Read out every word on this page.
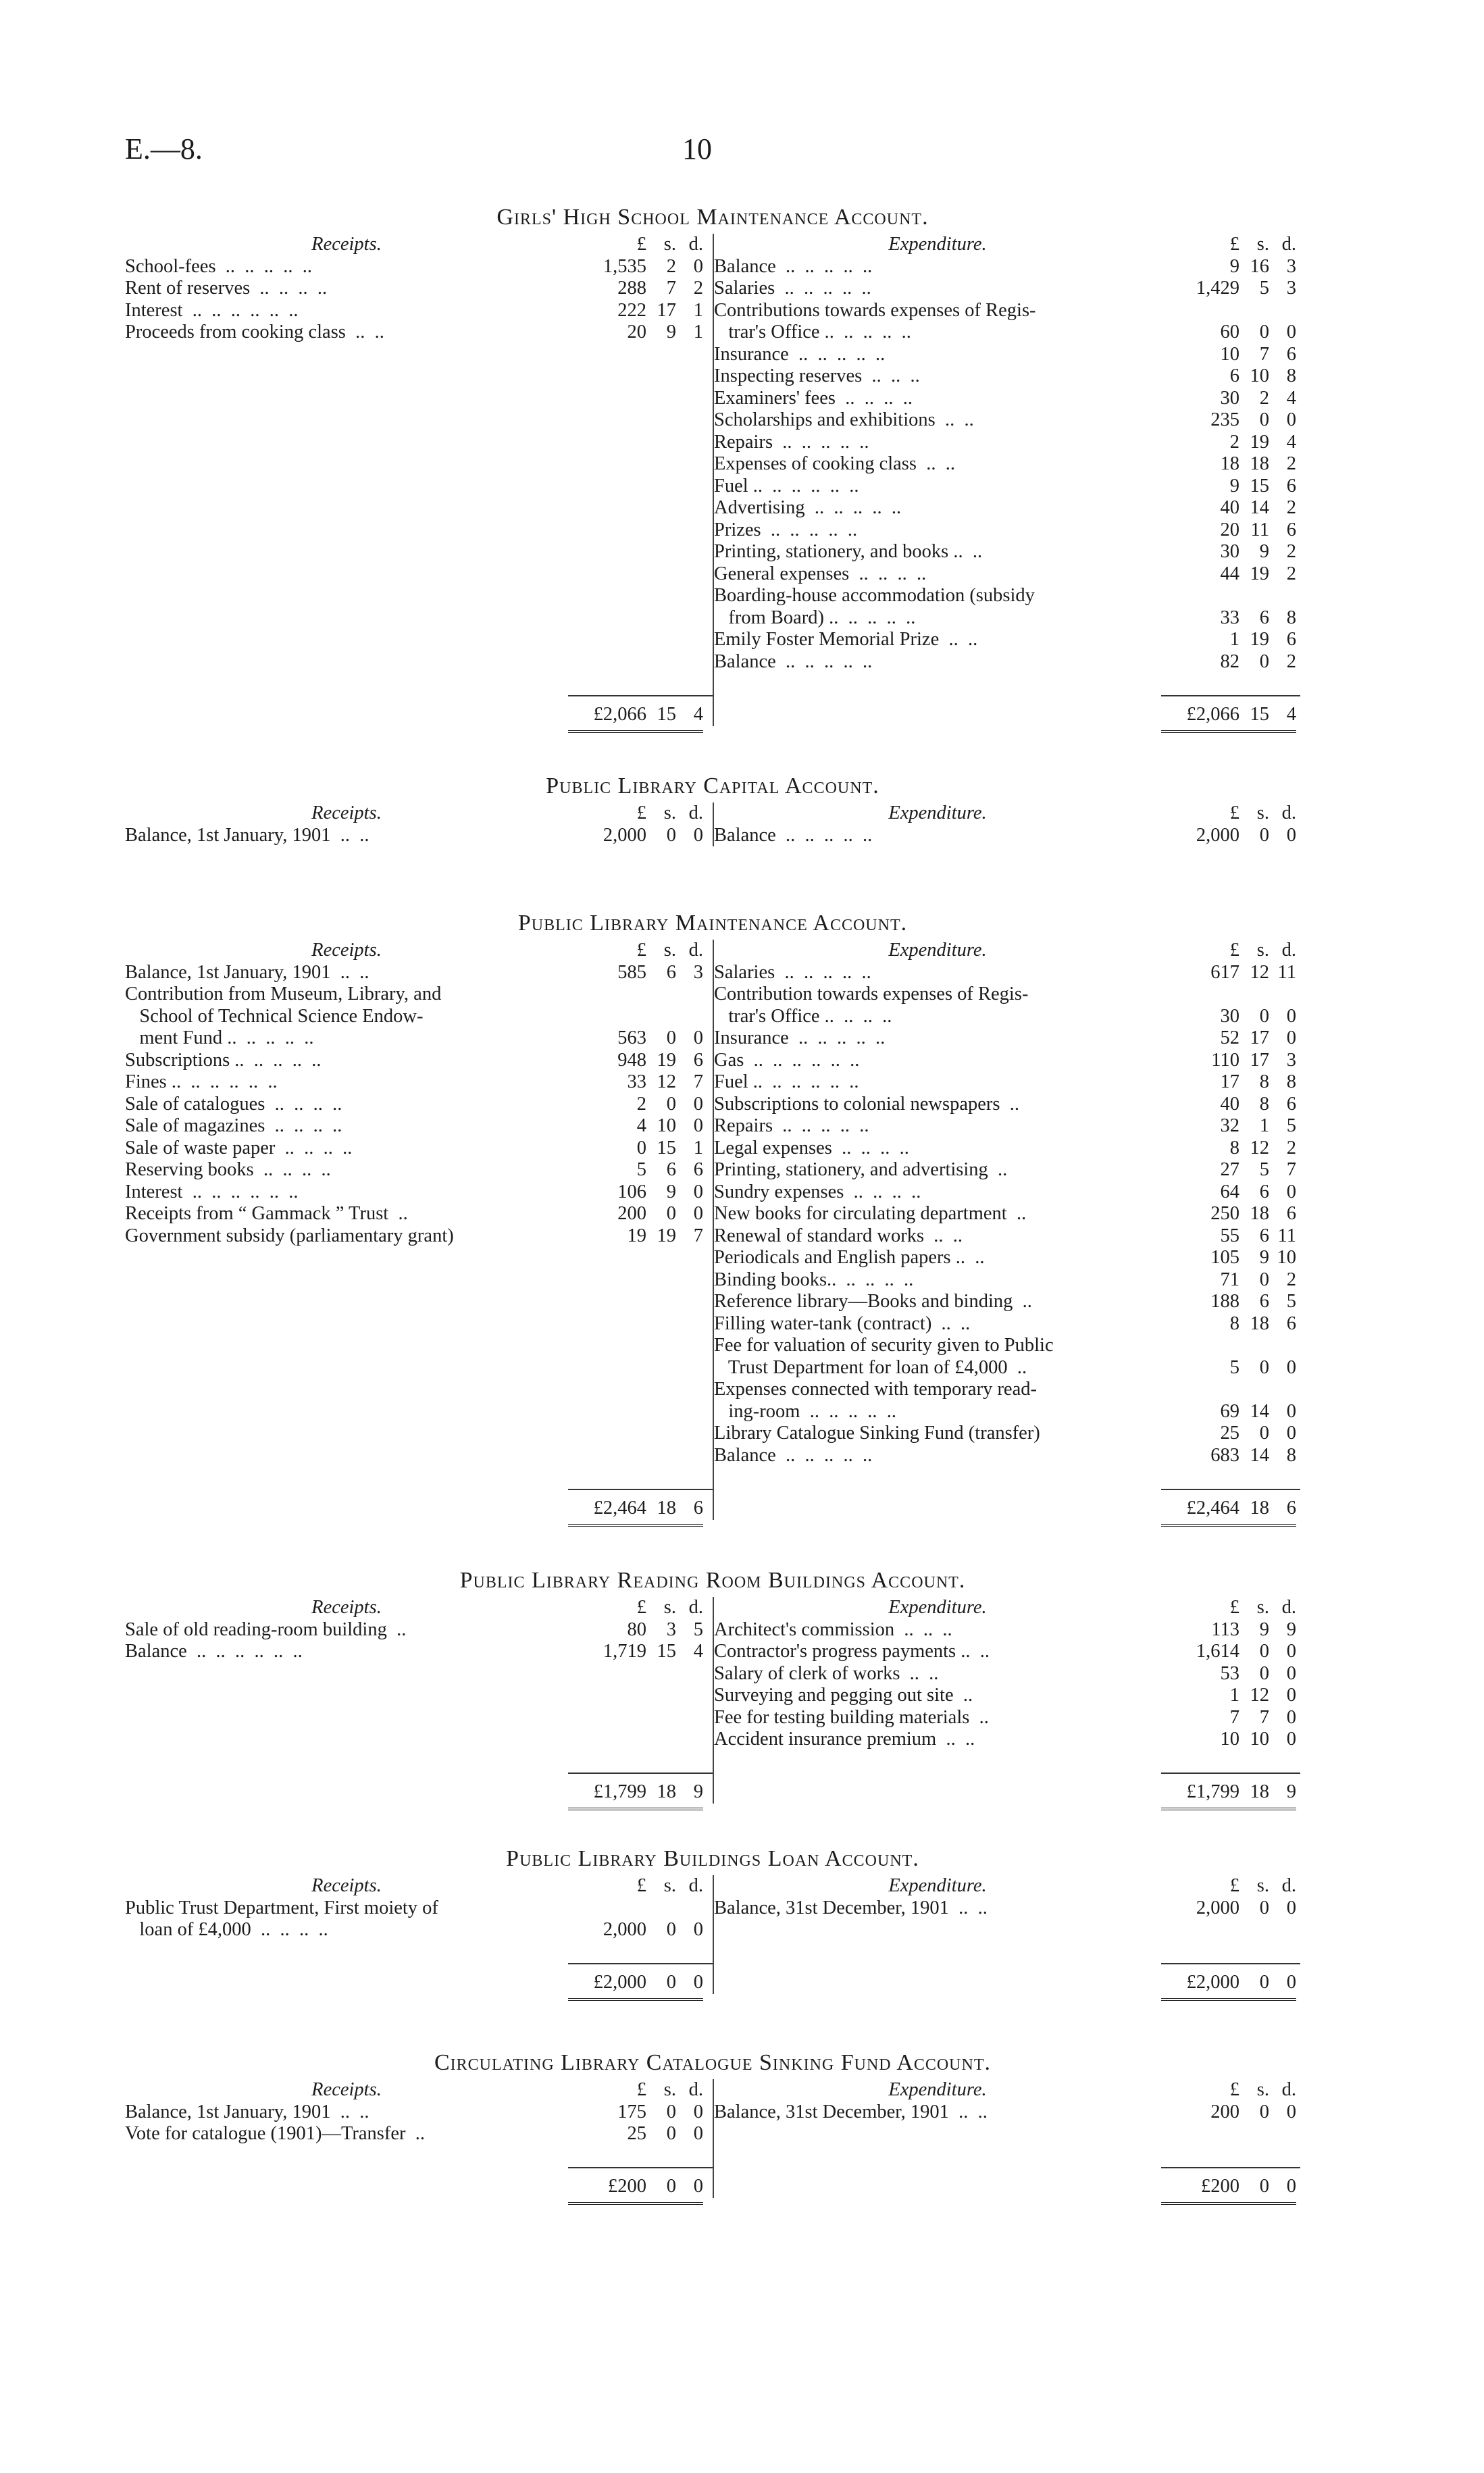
E.—8.	10
Girls' High School Maintenance Account.
Receipts.	£ s. d.
School-fees  ..  ..  ..  ..  ..	1,535	2 0
Rent of reserves  ..  ..  ..  ..	288	7 2
Interest  ..  ..  ..  ..  ..  ..	222 17 1
Proceeds from cooking class  ..  ..	20	9 1
£2,066 15 4
Expenditure.	£ s. d.
Balance  ..  ..  ..  ..  ..	9 16 3
Salaries  ..  ..  ..  ..  ..	1,429	5 3
Contributions towards expenses of Regis-
trar's Office ..  ..  ..  ..  ..	60	0 0
Insurance  ..  ..  ..  ..  ..	10	7 6
Inspecting reserves  ..  ..  ..	6 10 8
Examiners' fees  ..  ..  ..  ..	30	2 4
Scholarships and exhibitions  ..  ..	235	0 0
Repairs  ..  ..  ..  ..  ..	2 19 4
Expenses of cooking class  ..  ..	18 18 2
Fuel ..  ..  ..  ..  ..  ..	9 15 6
Advertising  ..  ..  ..  ..  ..	40 14 2
Prizes  ..  ..  ..  ..  ..	20 11 6
Printing, stationery, and books ..  ..	30	9 2
General expenses  ..  ..  ..  ..	44 19 2
Boarding-house accommodation (subsidy
from Board) ..  ..  ..  ..  ..	33	6 8
Emily Foster Memorial Prize  ..  ..	1 19 6
Balance  ..  ..  ..  ..  ..	82	0 2
£2,066 15 4
Public Library Capital Account.
Receipts.	£ s. d.
Balance, 1st January, 1901  ..  ..	2,000	0 0
Expenditure.	£ s. d.
Balance  ..  ..  ..  ..  ..	2,000	0 0
Public Library Maintenance Account.
Receipts.	£ s. d.
Balance, 1st January, 1901  ..  ..	585	6 3
Contribution from Museum, Library, and
School of Technical Science Endow-
ment Fund ..  ..  ..  ..  ..	563	0 0
Subscriptions ..  ..  ..  ..  ..	948 19 6
Fines ..  ..  ..  ..  ..  ..	33 12 7
Sale of catalogues  ..  ..  ..  ..	2	0 0
Sale of magazines  ..  ..  ..  ..	4 10 0
Sale of waste paper  ..  ..  ..  ..	0 15 1
Reserving books  ..  ..  ..  ..	5	6 6
Interest  ..  ..  ..  ..  ..  ..	106	9 0
Receipts from “ Gammack ” Trust  ..	200	0 0
Government subsidy (parliamentary grant)	19 19 7
£2,464 18 6
Expenditure.	£ s. d.
Salaries  ..  ..  ..  ..  ..	617 12 11
Contribution towards expenses of Regis-
trar's Office ..  ..  ..  ..	30	0 0
Insurance  ..  ..  ..  ..  ..	52 17 0
Gas  ..  ..  ..  ..  ..  ..	110 17 3
Fuel ..  ..  ..  ..  ..  ..	17	8 8
Subscriptions to colonial newspapers  ..	40	8 6
Repairs  ..  ..  ..  ..  ..	32	1 5
Legal expenses  ..  ..  ..  ..	8 12 2
Printing, stationery, and advertising  ..	27	5 7
Sundry expenses  ..  ..  ..  ..	64	6 0
New books for circulating department  ..	250 18 6
Renewal of standard works  ..  ..	55	6 11
Periodicals and English papers ..  ..	105	9 10
Binding books..  ..  ..  ..  ..	71	0 2
Reference library—Books and binding  ..	188	6 5
Filling water-tank (contract)  ..  ..	8 18 6
Fee for valuation of security given to Public
Trust Department for loan of £4,000  ..	5	0 0
Expenses connected with temporary read-
ing-room  ..  ..  ..  ..  ..	69 14 0
Library Catalogue Sinking Fund (transfer)	25	0 0
Balance  ..  ..  ..  ..  ..	683 14 8
£2,464 18 6
Public Library Reading Room Buildings Account.
Receipts.	£ s. d.
Sale of old reading-room building  ..	80	3 5
Balance  ..  ..  ..  ..  ..  ..	1,719 15 4
£1,799 18 9
Expenditure.	£ s. d.
Architect's commission  ..  ..  ..	113	9 9
Contractor's progress payments ..  ..	1,614	0 0
Salary of clerk of works  ..  ..	53	0 0
Surveying and pegging out site  ..	1 12 0
Fee for testing building materials  ..	7	7 0
Accident insurance premium  ..  ..	10 10 0
£1,799 18 9
Public Library Buildings Loan Account.
Receipts.	£ s. d.
Public Trust Department, First moiety of
loan of £4,000  ..  ..  ..  ..	2,000	0 0
£2,000	0 0
Expenditure.	£ s. d.
Balance, 31st December, 1901  ..  ..	2,000	0 0
£2,000	0 0
Circulating Library Catalogue Sinking Fund Account.
Receipts.	£ s. d.
Balance, 1st January, 1901  ..  ..	175	0 0
Vote for catalogue (1901)—Transfer  ..	25	0 0
£200	0 0
Expenditure.	£ s. d.
Balance, 31st December, 1901  ..  ..	200	0 0
£200	0 0
